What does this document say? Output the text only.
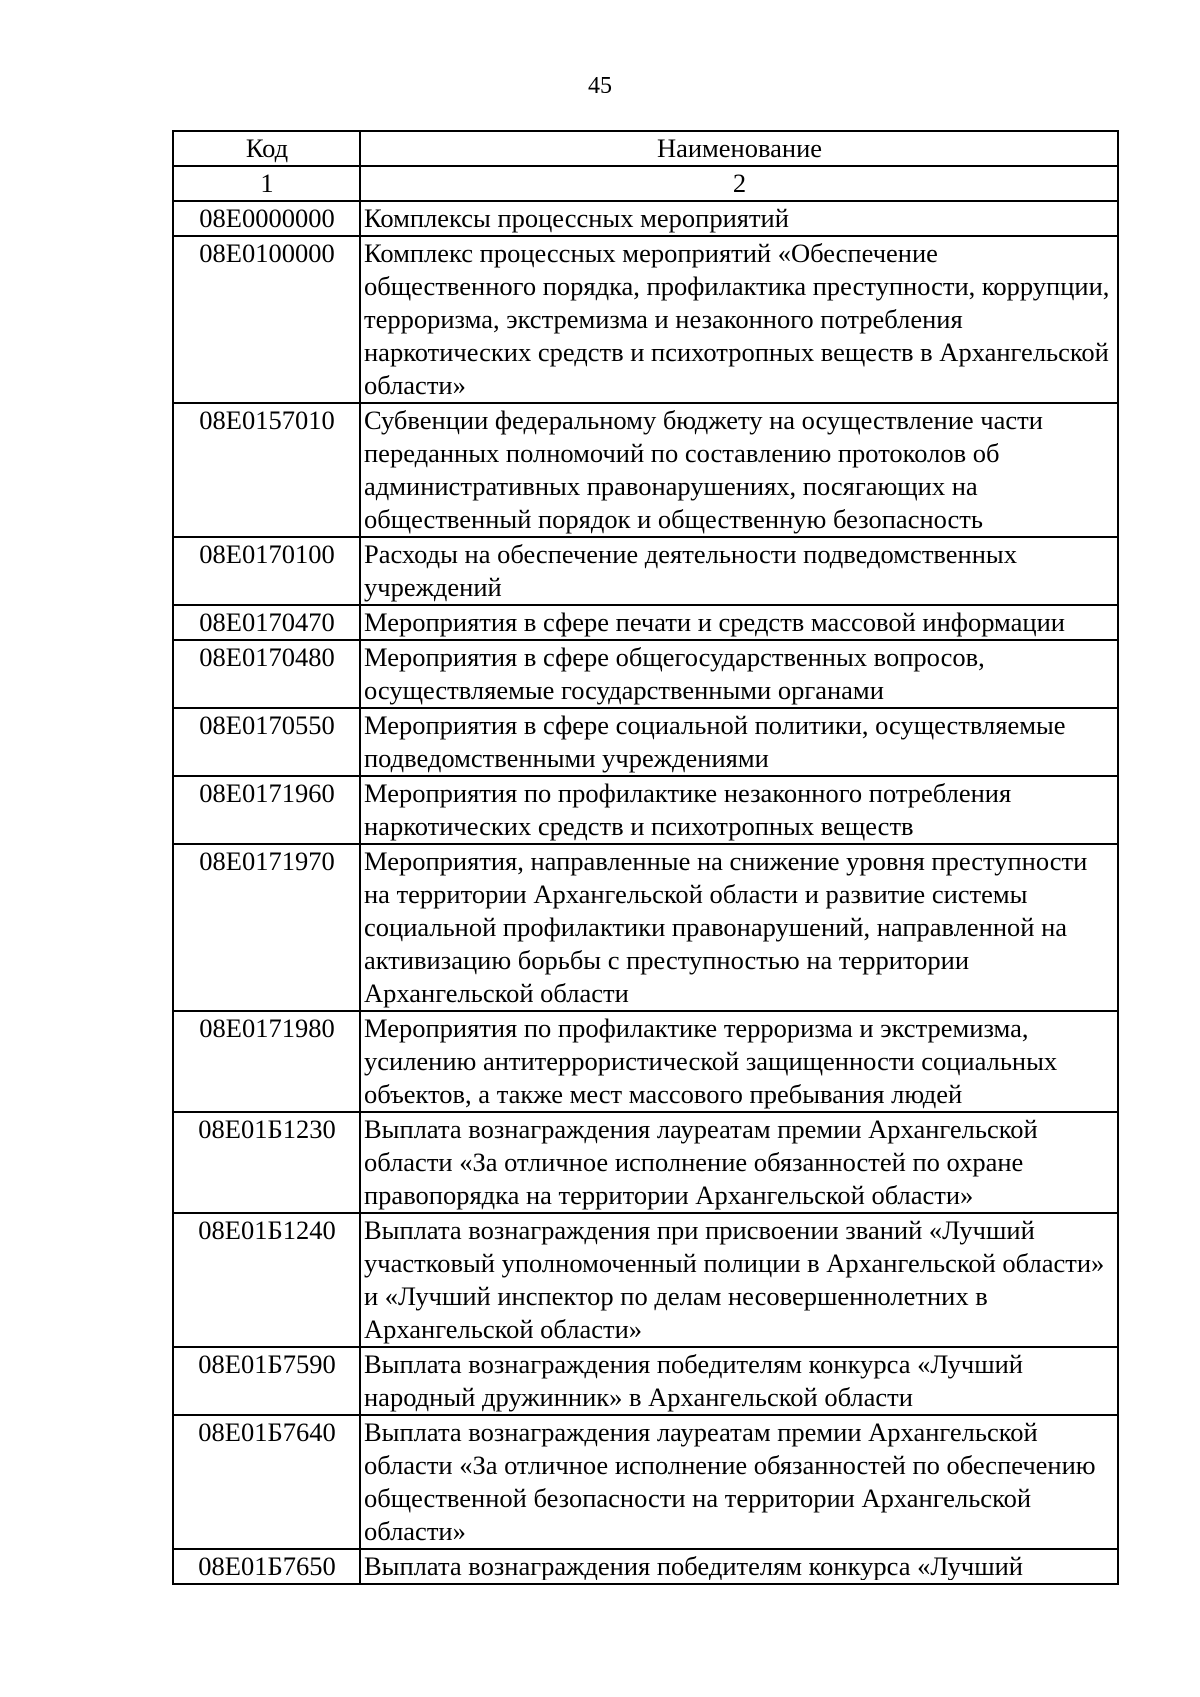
45
Код	Наименование
1	2
08Е0000000	Комплексы процессных мероприятий
08Е0100000	Комплекс процессных мероприятий «Обеспечение общественного порядка, профилактика преступности, коррупции, терроризма, экстремизма и незаконного потребления наркотических средств и психотропных веществ в Архангельской области»
08Е0157010	Субвенции федеральному бюджету на осуществление части переданных полномочий по составлению протоколов об административных правонарушениях, посягающих на общественный порядок и общественную безопасность
08Е0170100	Расходы на обеспечение деятельности подведомственных учреждений
08Е0170470	Мероприятия в сфере печати и средств массовой информации
08Е0170480	Мероприятия в сфере общегосударственных вопросов, осуществляемые государственными органами
08Е0170550	Мероприятия в сфере социальной политики, осуществляемые подведомственными учреждениями
08Е0171960	Мероприятия по профилактике незаконного потребления наркотических средств и психотропных веществ
08Е0171970	Мероприятия, направленные на снижение уровня преступности на территории Архангельской области и развитие системы социальной профилактики правонарушений, направленной на активизацию борьбы с преступностью на территории Архангельской области
08Е0171980	Мероприятия по профилактике терроризма и экстремизма, усилению антитеррористической защищенности социальных объектов, а также мест массового пребывания людей
08Е01Б1230	Выплата вознаграждения лауреатам премии Архангельской области «За отличное исполнение обязанностей по охране правопорядка на территории Архангельской области»
08Е01Б1240	Выплата вознаграждения при присвоении званий «Лучший участковый уполномоченный полиции в Архангельской области» и «Лучший инспектор по делам несовершеннолетних в Архангельской области»
08Е01Б7590	Выплата вознаграждения победителям конкурса «Лучший народный дружинник» в Архангельской области
08Е01Б7640	Выплата вознаграждения лауреатам премии Архангельской области «За отличное исполнение обязанностей по обеспечению общественной безопасности на территории Архангельской области»
08Е01Б7650	Выплата вознаграждения победителям конкурса «Лучший
